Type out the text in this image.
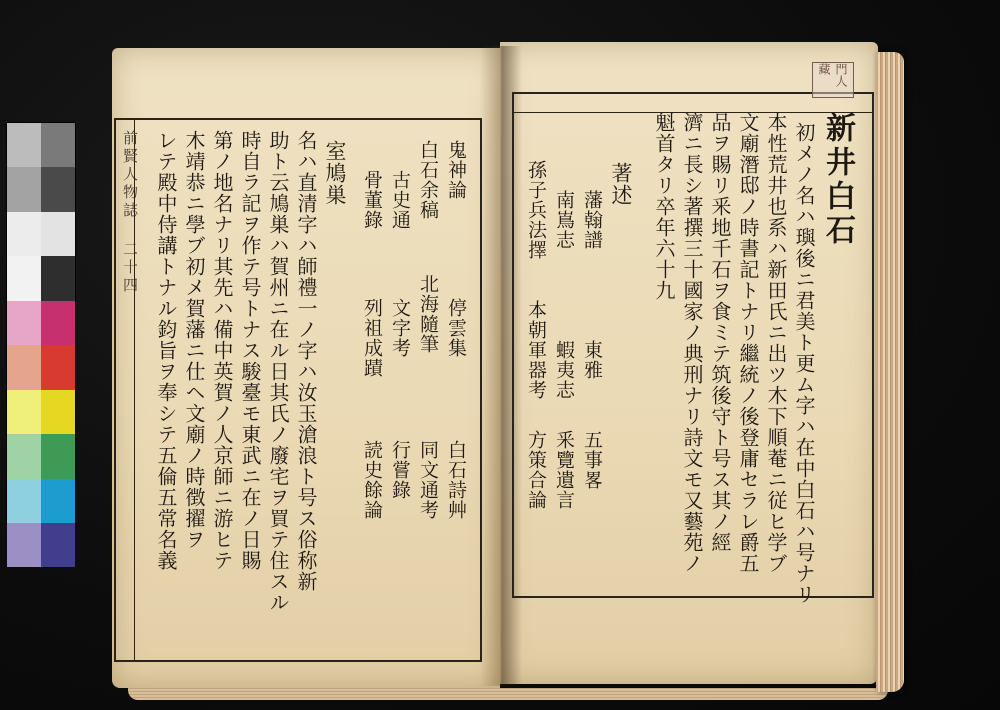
門人藏
前賢人物誌 二十四	新井白石
初メノ名ハ璵後ニ君美ト更ム字ハ在中白石ハ号ナリ
本性荒井也系ハ新田氏ニ出ツ木下順菴ニ従ヒ学ブ
文廟潛邸ノ時書記トナリ繼統ノ後登庸セラレ爵五
品ヲ賜リ釆地千石ヲ食ミテ筑後守ト号ス其ノ經
濟ニ長シ著撰三十國家ノ典刑ナリ詩文モ又藝苑ノ
魁首タリ卒年六十九
著述
藩翰譜
東雅
五事畧
南嶌志
蝦夷志
釆覽遺言
孫子兵法擇
本朝軍器考
方策合論
鬼神論
停雲集
白石詩艸
白石余稿
北海隨筆
同文通考
古史通
文字考
行嘗錄
骨董錄
列祖成蹟
読史餘論
室鳩巣
名ハ直清字ハ師禮一ノ字ハ汝玉滄浪ト号ス俗称新
助ト云鳩巣ハ賀州ニ在ル日其氏ノ廢宅ヲ買テ住スル
時自ラ記ヲ作テ号トナス駿臺モ東武ニ在ノ日賜
第ノ地名ナリ其先ハ備中英賀ノ人京師ニ游ヒテ
木靖恭ニ學ブ初メ賀藩ニ仕ヘ文廟ノ時徴擢ヲ
レテ殿中侍講トナル鈞旨ヲ奉シテ五倫五常名義
